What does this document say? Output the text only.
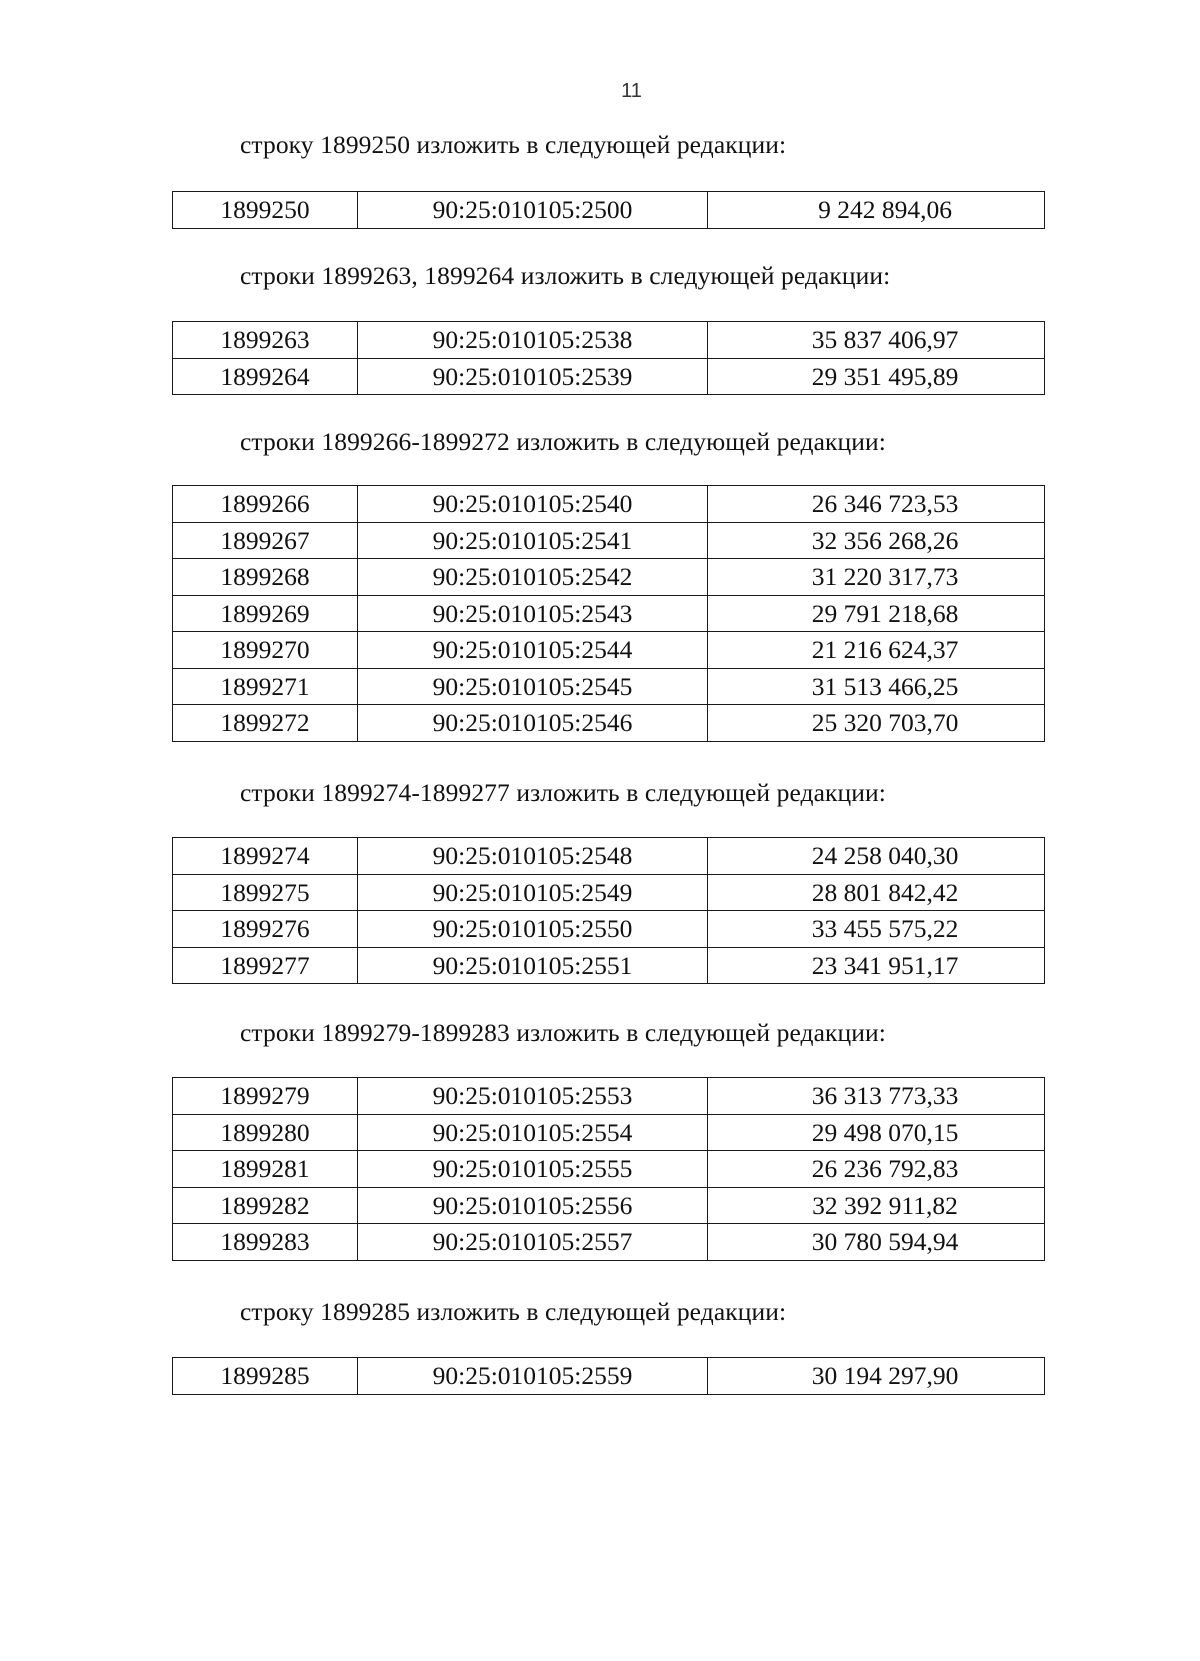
11
строку 1899250 изложить в следующей редакции:
1899250	90:25:010105:2500	9 242 894,06
строки 1899263, 1899264 изложить в следующей редакции:
1899263	90:25:010105:2538	35 837 406,97
1899264	90:25:010105:2539	29 351 495,89
строки 1899266-1899272 изложить в следующей редакции:
1899266	90:25:010105:2540	26 346 723,53
1899267	90:25:010105:2541	32 356 268,26
1899268	90:25:010105:2542	31 220 317,73
1899269	90:25:010105:2543	29 791 218,68
1899270	90:25:010105:2544	21 216 624,37
1899271	90:25:010105:2545	31 513 466,25
1899272	90:25:010105:2546	25 320 703,70
строки 1899274-1899277 изложить в следующей редакции:
1899274	90:25:010105:2548	24 258 040,30
1899275	90:25:010105:2549	28 801 842,42
1899276	90:25:010105:2550	33 455 575,22
1899277	90:25:010105:2551	23 341 951,17
строки 1899279-1899283 изложить в следующей редакции:
1899279	90:25:010105:2553	36 313 773,33
1899280	90:25:010105:2554	29 498 070,15
1899281	90:25:010105:2555	26 236 792,83
1899282	90:25:010105:2556	32 392 911,82
1899283	90:25:010105:2557	30 780 594,94
строку 1899285 изложить в следующей редакции:
1899285	90:25:010105:2559	30 194 297,90
